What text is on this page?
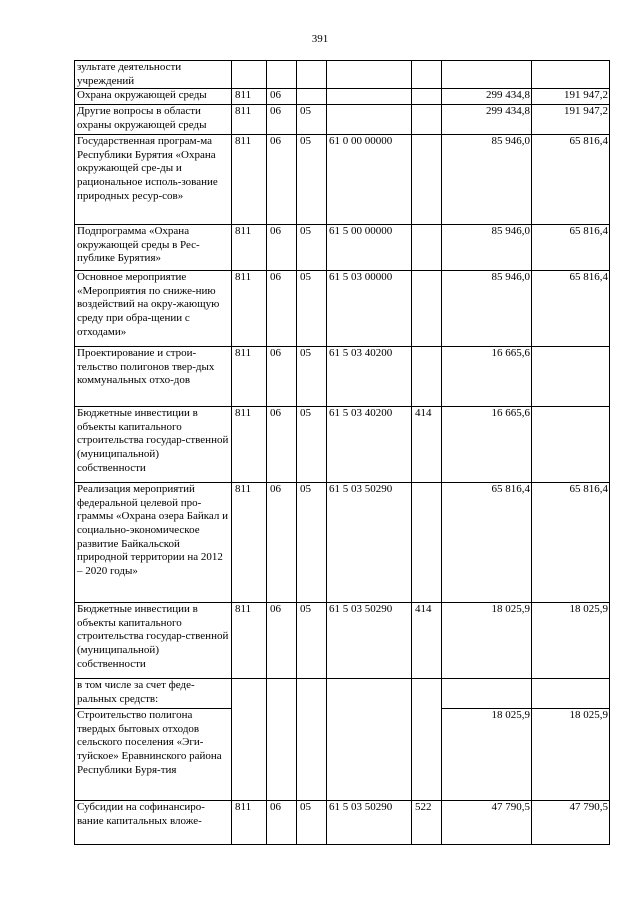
391
зультате деятельности учреждений							
Охрана окружающей среды	811	06				299 434,8	191 947,2
Другие вопросы в области охраны окружающей среды	811	06	05			299 434,8	191 947,2
Государственная програм-ма Республики Бурятия «Охрана окружающей сре-ды и рациональное исполь-зование природных ресур-сов»	811	06	05	61 0 00 00000		85 946,0	65 816,4
Подпрограмма «Охрана окружающей среды в Рес-публике Бурятия»	811	06	05	61 5 00 00000		85 946,0	65 816,4
Основное мероприятие «Мероприятия по сниже-нию воздействий на окру-жающую среду при обра-щении с отходами»	811	06	05	61 5 03 00000		85 946,0	65 816,4
Проектирование и строи-тельство полигонов твер-дых коммунальных отхо-дов	811	06	05	61 5 03 40200		16 665,6	
Бюджетные инвестиции в объекты капитального строительства государ-ственной (муниципальной) собственности	811	06	05	61 5 03 40200	414	16 665,6	
Реализация мероприятий федеральной целевой про-граммы «Охрана озера Байкал и социально-экономическое развитие Байкальской природной территории на 2012 – 2020 годы»	811	06	05	61 5 03 50290		65 816,4	65 816,4
Бюджетные инвестиции в объекты капитального строительства государ-ственной (муниципальной) собственности	811	06	05	61 5 03 50290	414	18 025,9	18 025,9
в том числе за счет феде-ральных средств:							
Строительство полигона твердых бытовых отходов сельского поселения «Эги-туйское» Еравнинского района Республики Буря-тия						18 025,9	18 025,9
Субсидии на софинансиро-вание капитальных вложе-	811	06	05	61 5 03 50290	522	47 790,5	47 790,5
